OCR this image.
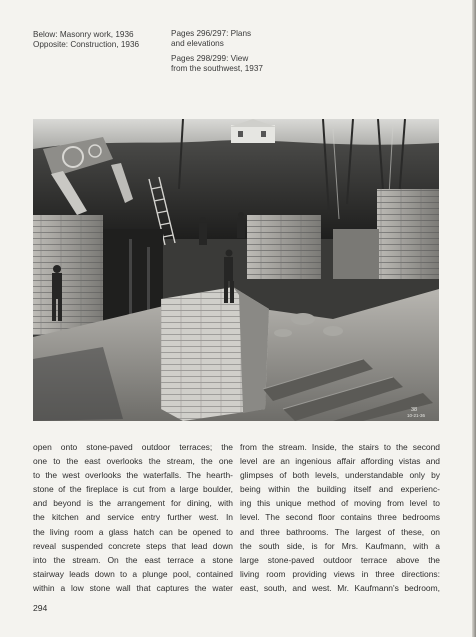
Below: Masonry work, 1936
Opposite: Construction, 1936
Pages 296/297: Plans
and elevations
Pages 298/299: View
from the southwest, 1937
38
10-21-36
open onto stone-paved outdoor terraces; the
one to the east overlooks the stream, the one
to the west overlooks the waterfalls. The hearth-
stone of the fireplace is cut from a large boulder,
and beyond is the arrangement for dining, with
the kitchen and service entry further west. In
the living room a glass hatch can be opened to
reveal suspended concrete steps that lead down
into the stream. On the east terrace a stone
stairway leads down to a plunge pool, contained
within a low stone wall that captures the water
from the stream. Inside, the stairs to the second
level are an ingenious affair affording vistas and
glimpses of both levels, understandable only by
being within the building itself and experienc-
ing this unique method of moving from level to
level. The second floor contains three bedrooms
and three bathrooms. The largest of these, on
the south side, is for Mrs. Kaufmann, with a
large stone-paved outdoor terrace above the
living room providing views in three directions:
east, south, and west. Mr. Kaufmann's bedroom,
294
